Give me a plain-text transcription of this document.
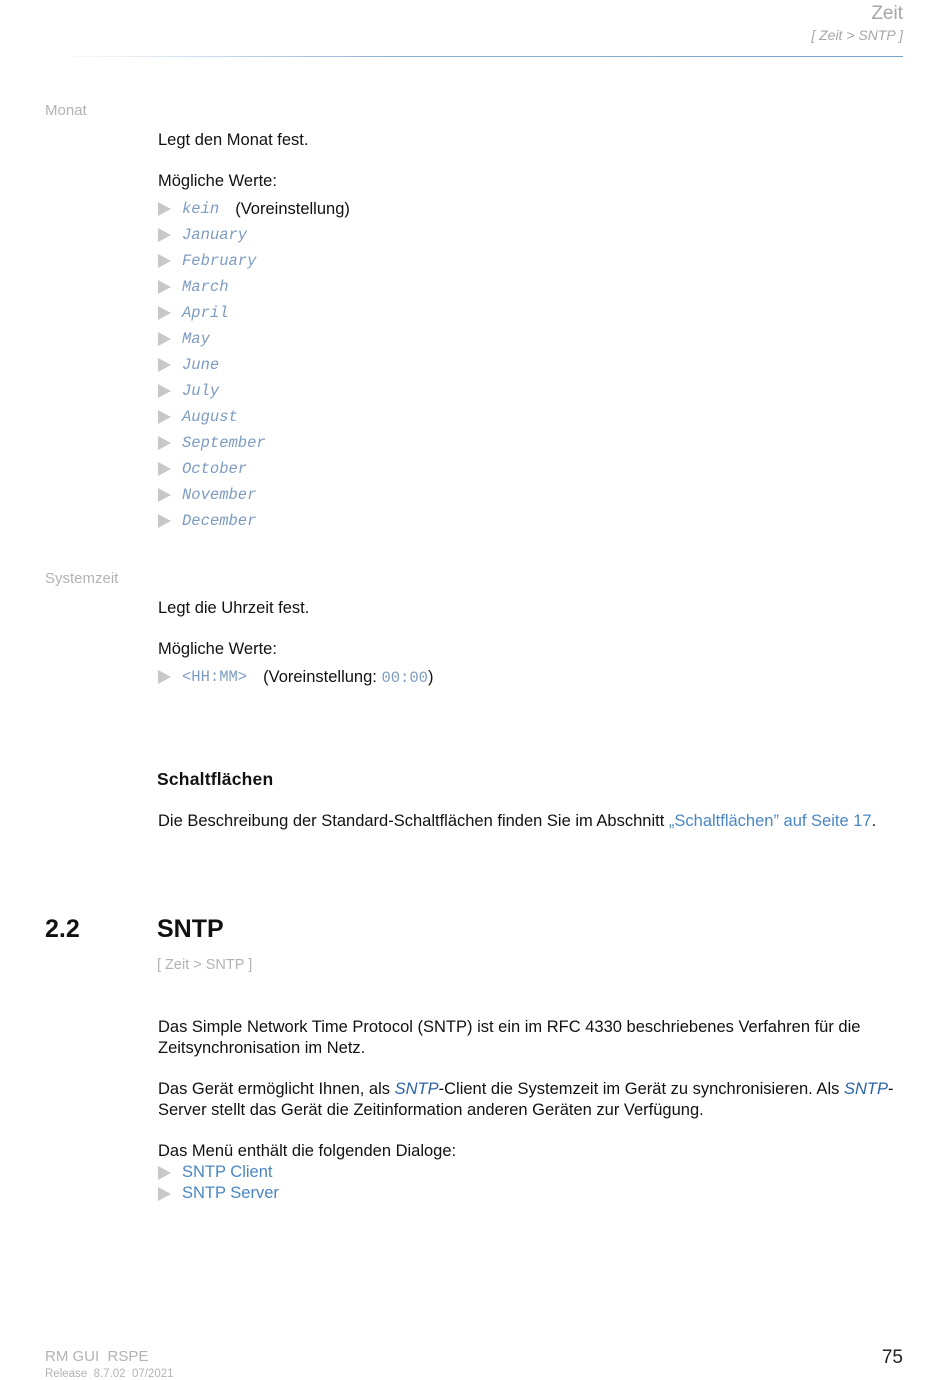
Zeit
[ Zeit > SNTP ]
Monat
Legt den Monat fest.
Mögliche Werte:
kein (Voreinstellung)
January
February
March
April
May
June
July
August
September
October
November
December
Systemzeit
Legt die Uhrzeit fest.
Mögliche Werte:
<HH:MM> (Voreinstellung: 00:00)
Schaltflächen
Die Beschreibung der Standard-Schaltflächen finden Sie im Abschnitt „Schaltflächen” auf Seite 17.
2.2	SNTP
[ Zeit > SNTP ]
Das Simple Network Time Protocol (SNTP) ist ein im RFC 4330 beschriebenes Verfahren für die Zeitsynchronisation im Netz.
Das Gerät ermöglicht Ihnen, als SNTP-Client die Systemzeit im Gerät zu synchronisieren. Als SNTP-Server stellt das Gerät die Zeitinformation anderen Geräten zur Verfügung.
Das Menü enthält die folgenden Dialoge:
SNTP Client
SNTP Server
RM GUI  RSPE
Release  8.7.02  07/2021
75
